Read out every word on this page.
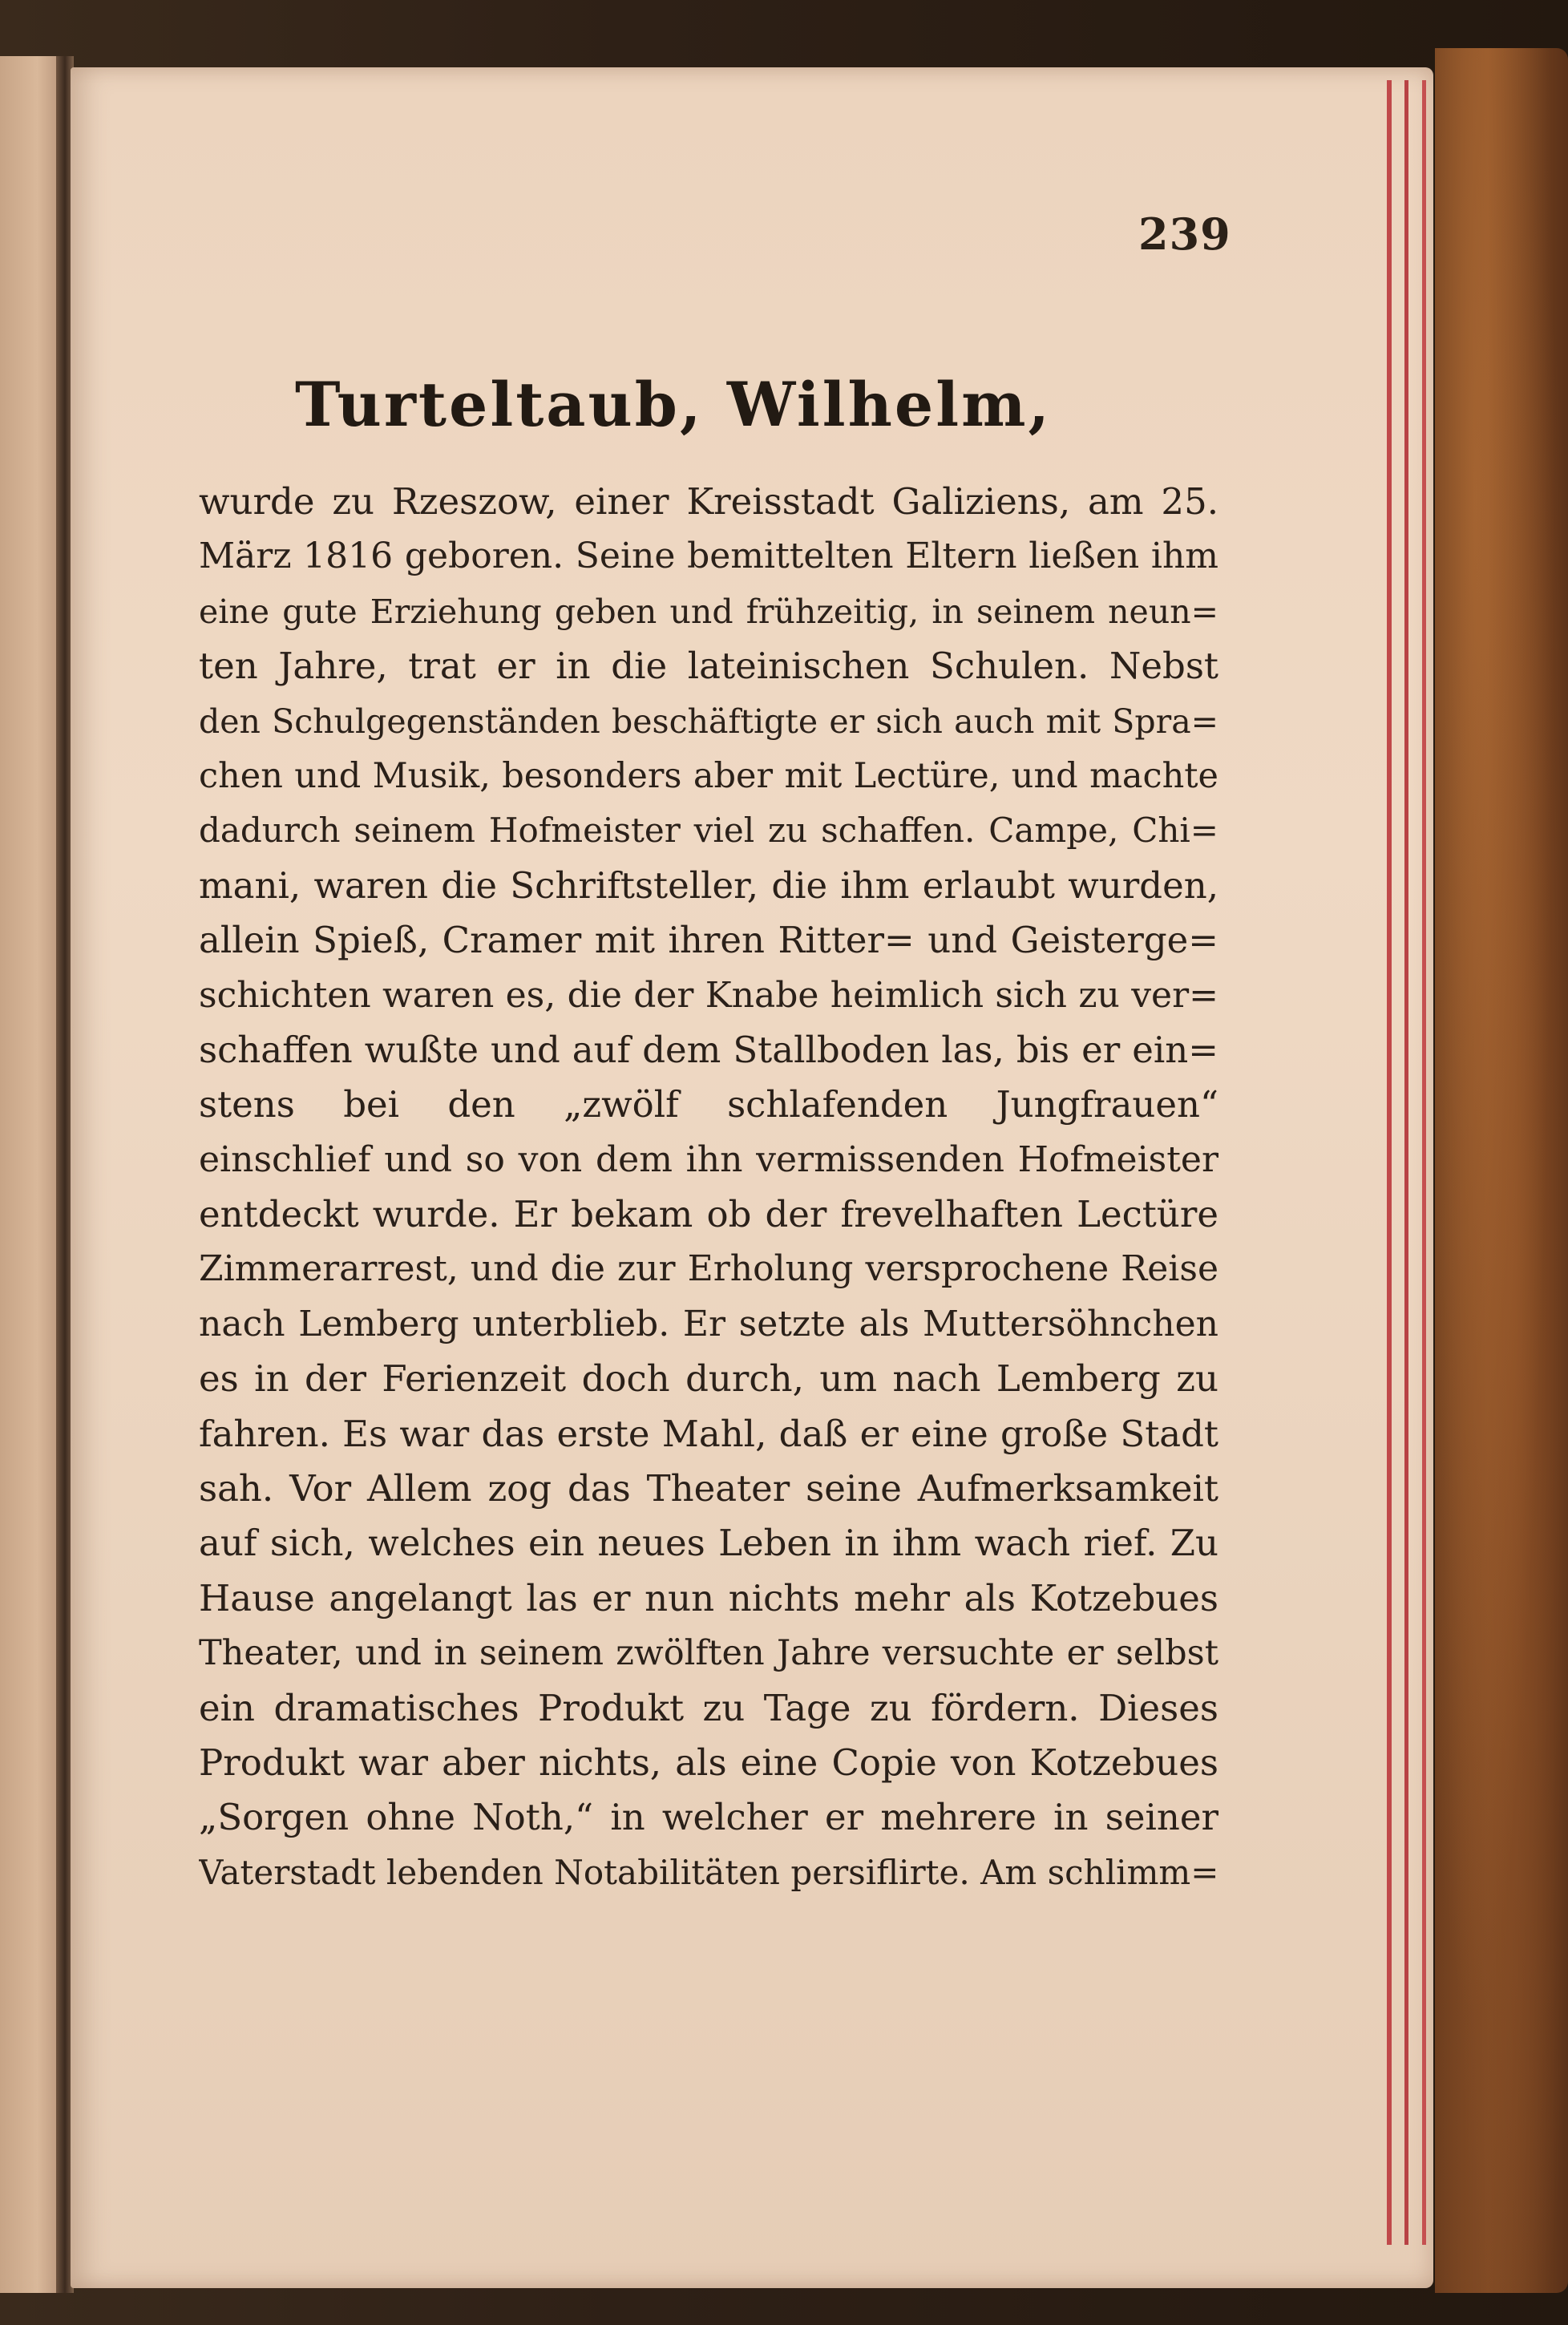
239
Turteltaub, Wilhelm,
wurde zu Rzeszow, einer Kreisstadt Galiziens, am 25.
März 1816 geboren. Seine bemittelten Eltern ließen ihm
eine gute Erziehung geben und frühzeitig, in seinem neun=
ten Jahre, trat er in die lateinischen Schulen. Nebst
den Schulgegenständen beschäftigte er sich auch mit Spra=
chen und Musik, besonders aber mit Lectüre, und machte
dadurch seinem Hofmeister viel zu schaffen. Campe, Chi=
mani, waren die Schriftsteller, die ihm erlaubt wurden,
allein Spieß, Cramer mit ihren Ritter= und Geisterge=
schichten waren es, die der Knabe heimlich sich zu ver=
schaffen wußte und auf dem Stallboden las, bis er ein=
stens bei den „zwölf schlafenden Jungfrauen“
einschlief und so von dem ihn vermissenden Hofmeister
entdeckt wurde. Er bekam ob der frevelhaften Lectüre
Zimmerarrest, und die zur Erholung versprochene Reise
nach Lemberg unterblieb. Er setzte als Muttersöhnchen
es in der Ferienzeit doch durch, um nach Lemberg zu
fahren. Es war das erste Mahl, daß er eine große Stadt
sah. Vor Allem zog das Theater seine Aufmerksamkeit
auf sich, welches ein neues Leben in ihm wach rief. Zu
Hause angelangt las er nun nichts mehr als Kotzebues
Theater, und in seinem zwölften Jahre versuchte er selbst
ein dramatisches Produkt zu Tage zu fördern. Dieses
Produkt war aber nichts, als eine Copie von Kotzebues
„Sorgen ohne Noth,“ in welcher er mehrere in seiner
Vaterstadt lebenden Notabilitäten persiflirte. Am schlimm=
